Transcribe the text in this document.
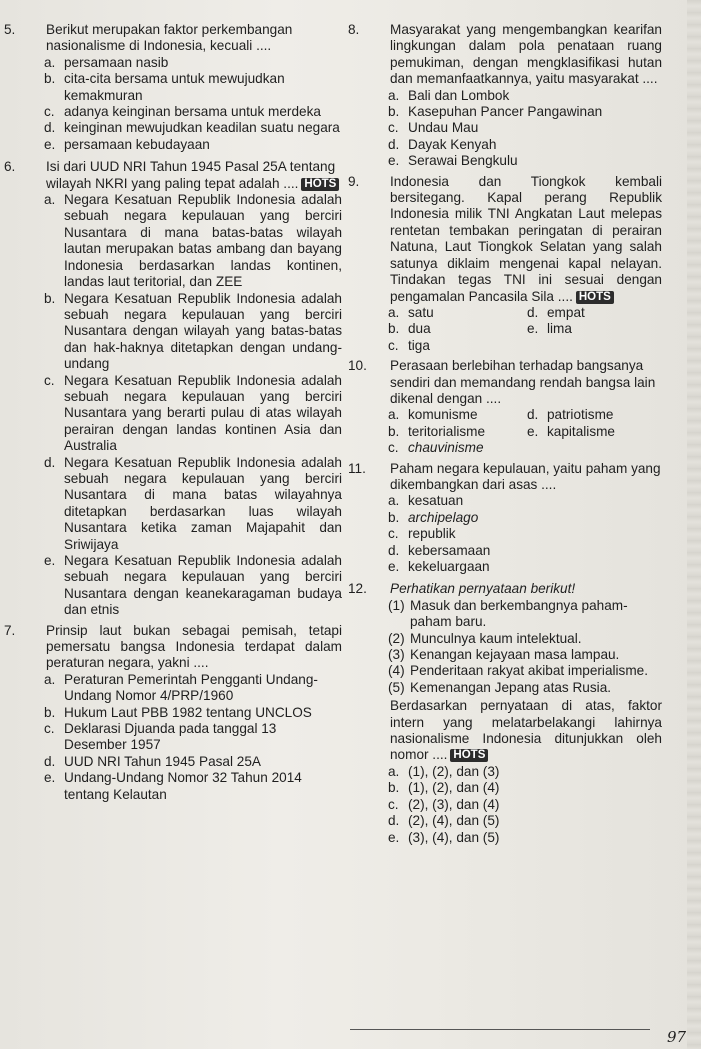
5. Berikut merupakan faktor perkembangan nasionalisme di Indonesia, kecuali ....

a. persamaan nasib
b. cita-cita bersama untuk mewujudkan kemakmuran
c. adanya keinginan bersama untuk merdeka
d. keinginan mewujudkan keadilan suatu negara
e. persamaan kebudayaan
6. Isi dari UUD NRI Tahun 1945 Pasal 25A tentang wilayah NKRI yang paling tepat adalah .... HOTS

a. Negara Kesatuan Republik Indonesia adalah sebuah negara kepulauan yang berciri Nusantara di mana batas-batas wilayah lautan merupakan batas ambang dan bayang Indonesia berdasarkan landas kontinen, landas laut teritorial, dan ZEE
b. Negara Kesatuan Republik Indonesia adalah sebuah negara kepulauan yang berciri Nusantara dengan wilayah yang batas-batas dan hak-haknya ditetapkan dengan undang-undang
c. Negara Kesatuan Republik Indonesia adalah sebuah negara kepulauan yang berciri Nusantara yang berarti pulau di atas wilayah perairan dengan landas kontinen Asia dan Australia
d. Negara Kesatuan Republik Indonesia adalah sebuah negara kepulauan yang berciri Nusantara di mana batas wilayahnya ditetapkan berdasarkan luas wilayah Nusantara ketika zaman Majapahit dan Sriwijaya
e. Negara Kesatuan Republik Indonesia adalah sebuah negara kepulauan yang berciri Nusantara dengan keanekaragaman budaya dan etnis
7. Prinsip laut bukan sebagai pemisah, tetapi pemersatu bangsa Indonesia terdapat dalam peraturan negara, yakni ....

a. Peraturan Pemerintah Pengganti Undang-Undang Nomor 4/PRP/1960
b. Hukum Laut PBB 1982 tentang UNCLOS
c. Deklarasi Djuanda pada tanggal 13 Desember 1957
d. UUD NRI Tahun 1945 Pasal 25A
e. Undang-Undang Nomor 32 Tahun 2014 tentang Kelautan
8. Masyarakat yang mengembangkan kearifan lingkungan dalam pola penataan ruang pemukiman, dengan mengklasifikasi hutan dan memanfaatkannya, yaitu masyarakat ....

a. Bali dan Lombok
b. Kasepuhan Pancer Pangawinan
c. Undau Mau
d. Dayak Kenyah
e. Serawai Bengkulu
9. Indonesia dan Tiongkok kembali bersitegang. Kapal perang Republik Indonesia milik TNI Angkatan Laut melepas rentetan tembakan peringatan di perairan Natuna, Laut Tiongkok Selatan yang salah satunya diklaim mengenai kapal nelayan. Tindakan tegas TNI ini sesuai dengan pengamalan Pancasila Sila .... HOTS

a. satu	d. empat
b. dua	e. lima
c. tiga
10. Perasaan berlebihan terhadap bangsanya sendiri dan memandang rendah bangsa lain dikenal dengan ....

a. komunisme	d. patriotisme
b. teritorialisme	e. kapitalisme
c. chauvinisme
11. Paham negara kepulauan, yaitu paham yang dikembangkan dari asas ....

a. kesatuan
b. archipelago
c. republik
d. kebersamaan
e. kekeluargaan
12. Perhatikan pernyataan berikut!

(1) Masuk dan berkembangnya paham-paham baru.
(2) Munculnya kaum intelektual.
(3) Kenangan kejayaan masa lampau.
(4) Penderitaan rakyat akibat imperialisme.
(5) Kemenangan Jepang atas Rusia.

Berdasarkan pernyataan di atas, faktor intern yang melatarbelakangi lahirnya nasionalisme Indonesia ditunjukkan oleh nomor .... HOTS

a. (1), (2), dan (3)
b. (1), (2), dan (4)
c. (2), (3), dan (4)
d. (2), (4), dan (5)
e. (3), (4), dan (5)
97
